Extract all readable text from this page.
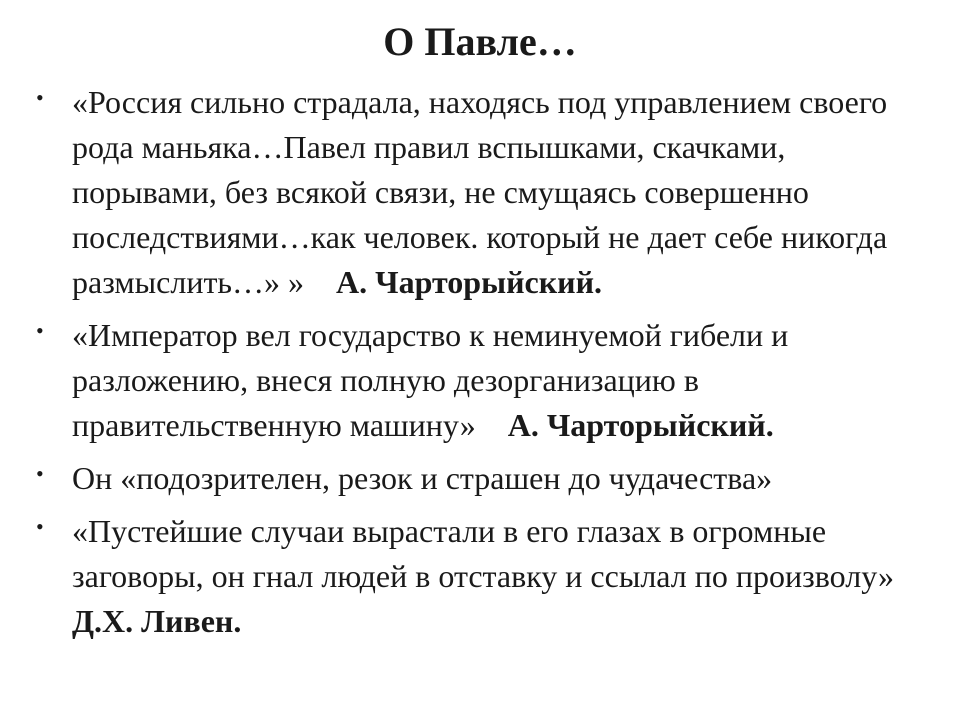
О Павле…
• «Россия сильно страдала, находясь под управлением своего рода маньяка…Павел правил вспышками, скачками, порывами, без всякой связи, не смущаясь совершенно последствиями…как человек. который не дает себе никогда размыслить…» » А. Чарторыйский.
• «Император вел государство к неминуемой гибели и разложению, внеся полную дезорганизацию в правительственную машину» А. Чарторыйский.
• Он «подозрителен, резок и страшен до чудачества»
• «Пустейшие случаи вырастали в его глазах в огромные заговоры, он гнал людей в отставку и ссылал по произволу»   Д.Х. Ливен.
